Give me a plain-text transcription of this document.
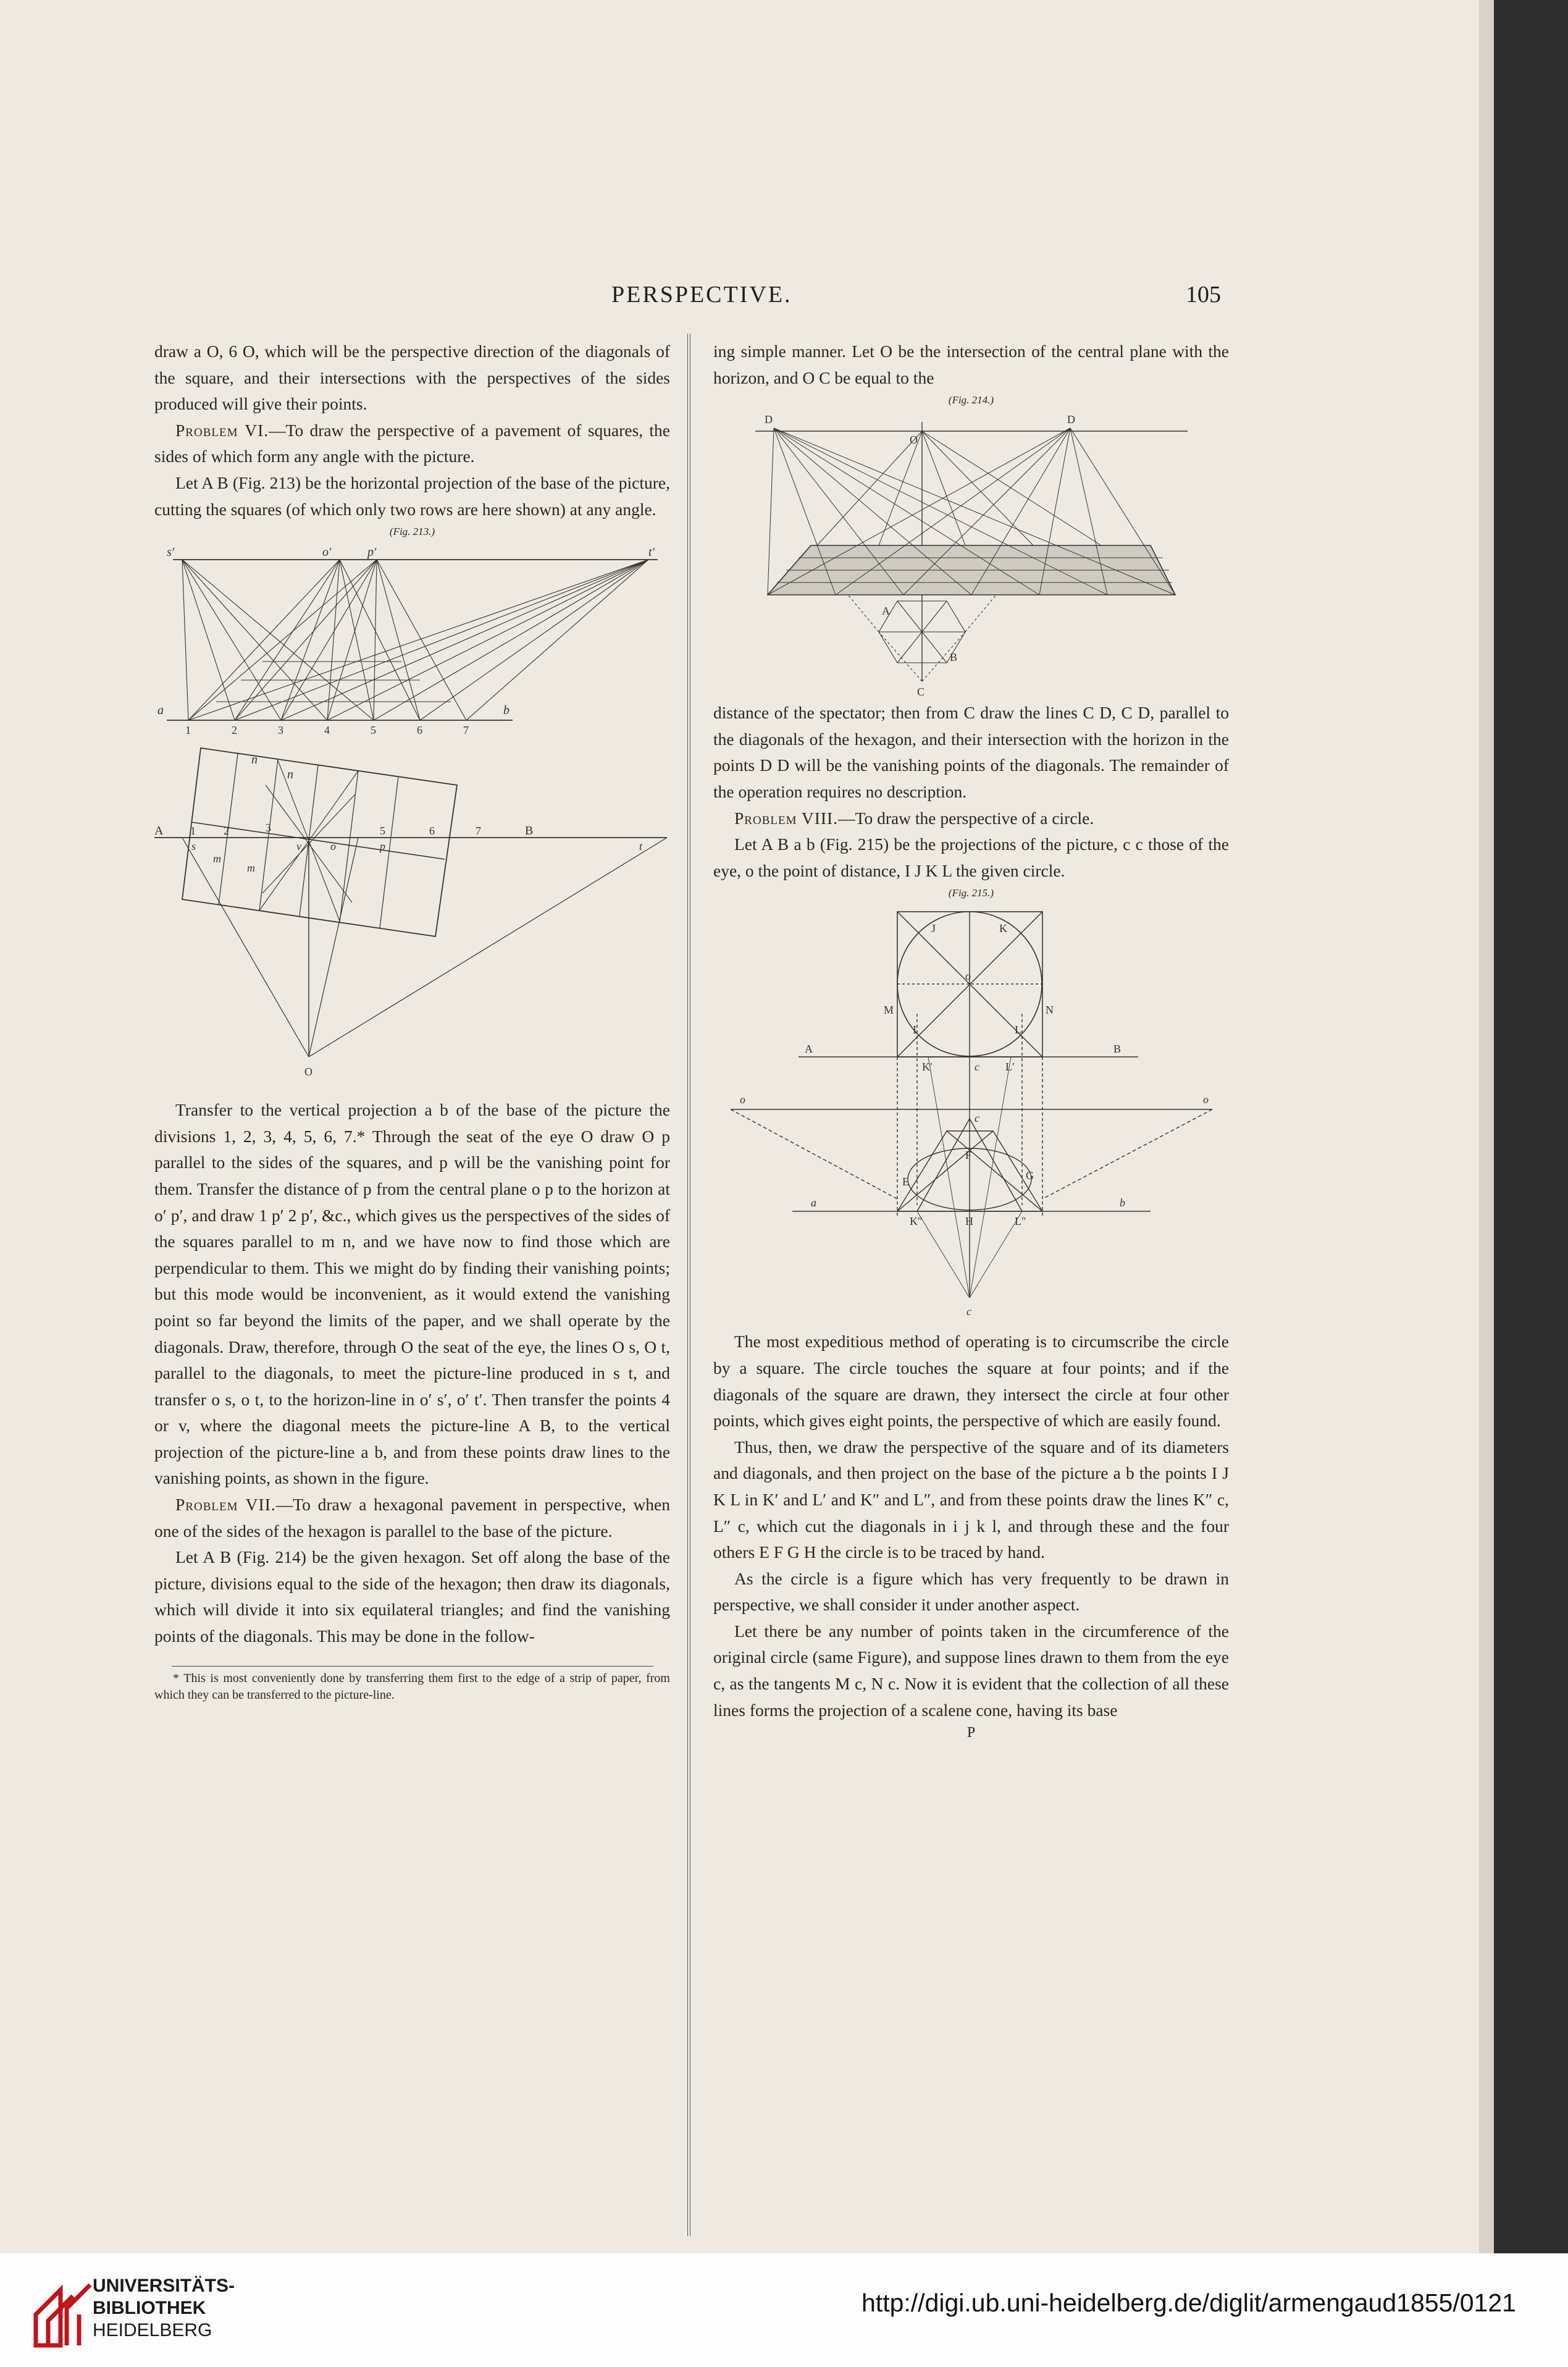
PERSPECTIVE.	105

draw a O, 6 O, which will be the perspective direction of the diagonals of the square, and their intersections with the perspectives of the sides produced will give their points.

Problem VI.—To draw the perspective of a pavement of squares, the sides of which form any angle with the picture.

Let A B (Fig. 213) be the horizontal projection of the base of the picture, cutting the squares (of which only two rows are here shown) at any angle.

(Fig. 213.)
s′	o′	p′	t′
a	b
1	2	3	4	5	6	7
n
n
A	B
1	2	3	5	6	7
s	t
v	o	p
m
m
O

Transfer to the vertical projection a b of the base of the picture the divisions 1, 2, 3, 4, 5, 6, 7.* Through the seat of the eye O draw O p parallel to the sides of the squares, and p will be the vanishing point for them. Transfer the distance of p from the central plane o p to the horizon at o′ p′, and draw 1 p′ 2 p′, &c., which gives us the perspectives of the sides of the squares parallel to m n, and we have now to find those which are perpendicular to them. This we might do by finding their vanishing points; but this mode would be inconvenient, as it would extend the vanishing point so far beyond the limits of the paper, and we shall operate by the diagonals. Draw, therefore, through O the seat of the eye, the lines O s, O t, parallel to the diagonals, to meet the picture-line produced in s t, and transfer o s, o t, to the horizon-line in o′ s′, o′ t′. Then transfer the points 4 or v, where the diagonal meets the picture-line A B, to the vertical projection of the picture-line a b, and from these points draw lines to the vanishing points, as shown in the figure.

Problem VII.—To draw a hexagonal pavement in perspective, when one of the sides of the hexagon is parallel to the base of the picture.

Let A B (Fig. 214) be the given hexagon. Set off along the base of the picture, divisions equal to the side of the hexagon; then draw its diagonals, which will divide it into six equilateral triangles; and find the vanishing points of the diagonals. This may be done in the follow-

* This is most conveniently done by transferring them first to the edge of a strip of paper, from which they can be transferred to the picture-line.

ing simple manner. Let O be the intersection of the central plane with the horizon, and O C be equal to the

(Fig. 214.)
D
O
D
A
B
C

distance of the spectator; then from C draw the lines C D, C D, parallel to the diagonals of the hexagon, and their intersection with the horizon in the points D D will be the vanishing points of the diagonals. The remainder of the operation requires no description.

Problem VIII.—To draw the perspective of a circle.

Let A B a b (Fig. 215) be the projections of the picture, c c those of the eye, o the point of distance, I J K L the given circle.

(Fig. 215.)
J	K
M	N
o
I	L
A	B
K′	c L′
o	o
c
F
E	G
a	b
K″	H	L″
c

The most expeditious method of operating is to circumscribe the circle by a square. The circle touches the square at four points; and if the diagonals of the square are drawn, they intersect the circle at four other points, which gives eight points, the perspective of which are easily found.

Thus, then, we draw the perspective of the square and of its diameters and diagonals, and then project on the base of the picture a b the points I J K L in K′ and L′ and K″ and L″, and from these points draw the lines K″ c, L″ c, which cut the diagonals in i j k l, and through these and the four others E F G H the circle is to be traced by hand.

As the circle is a figure which has very frequently to be drawn in perspective, we shall consider it under another aspect.

Let there be any number of points taken in the circumference of the original circle (same Figure), and suppose lines drawn to them from the eye c, as the tangents M c, N c. Now it is evident that the collection of all these lines forms the projection of a scalene cone, having its base

P
UNIVERSITÄTS-
BIBLIOTHEK
HEIDELBERG
http://digi.ub.uni-heidelberg.de/diglit/armengaud1855/0121
